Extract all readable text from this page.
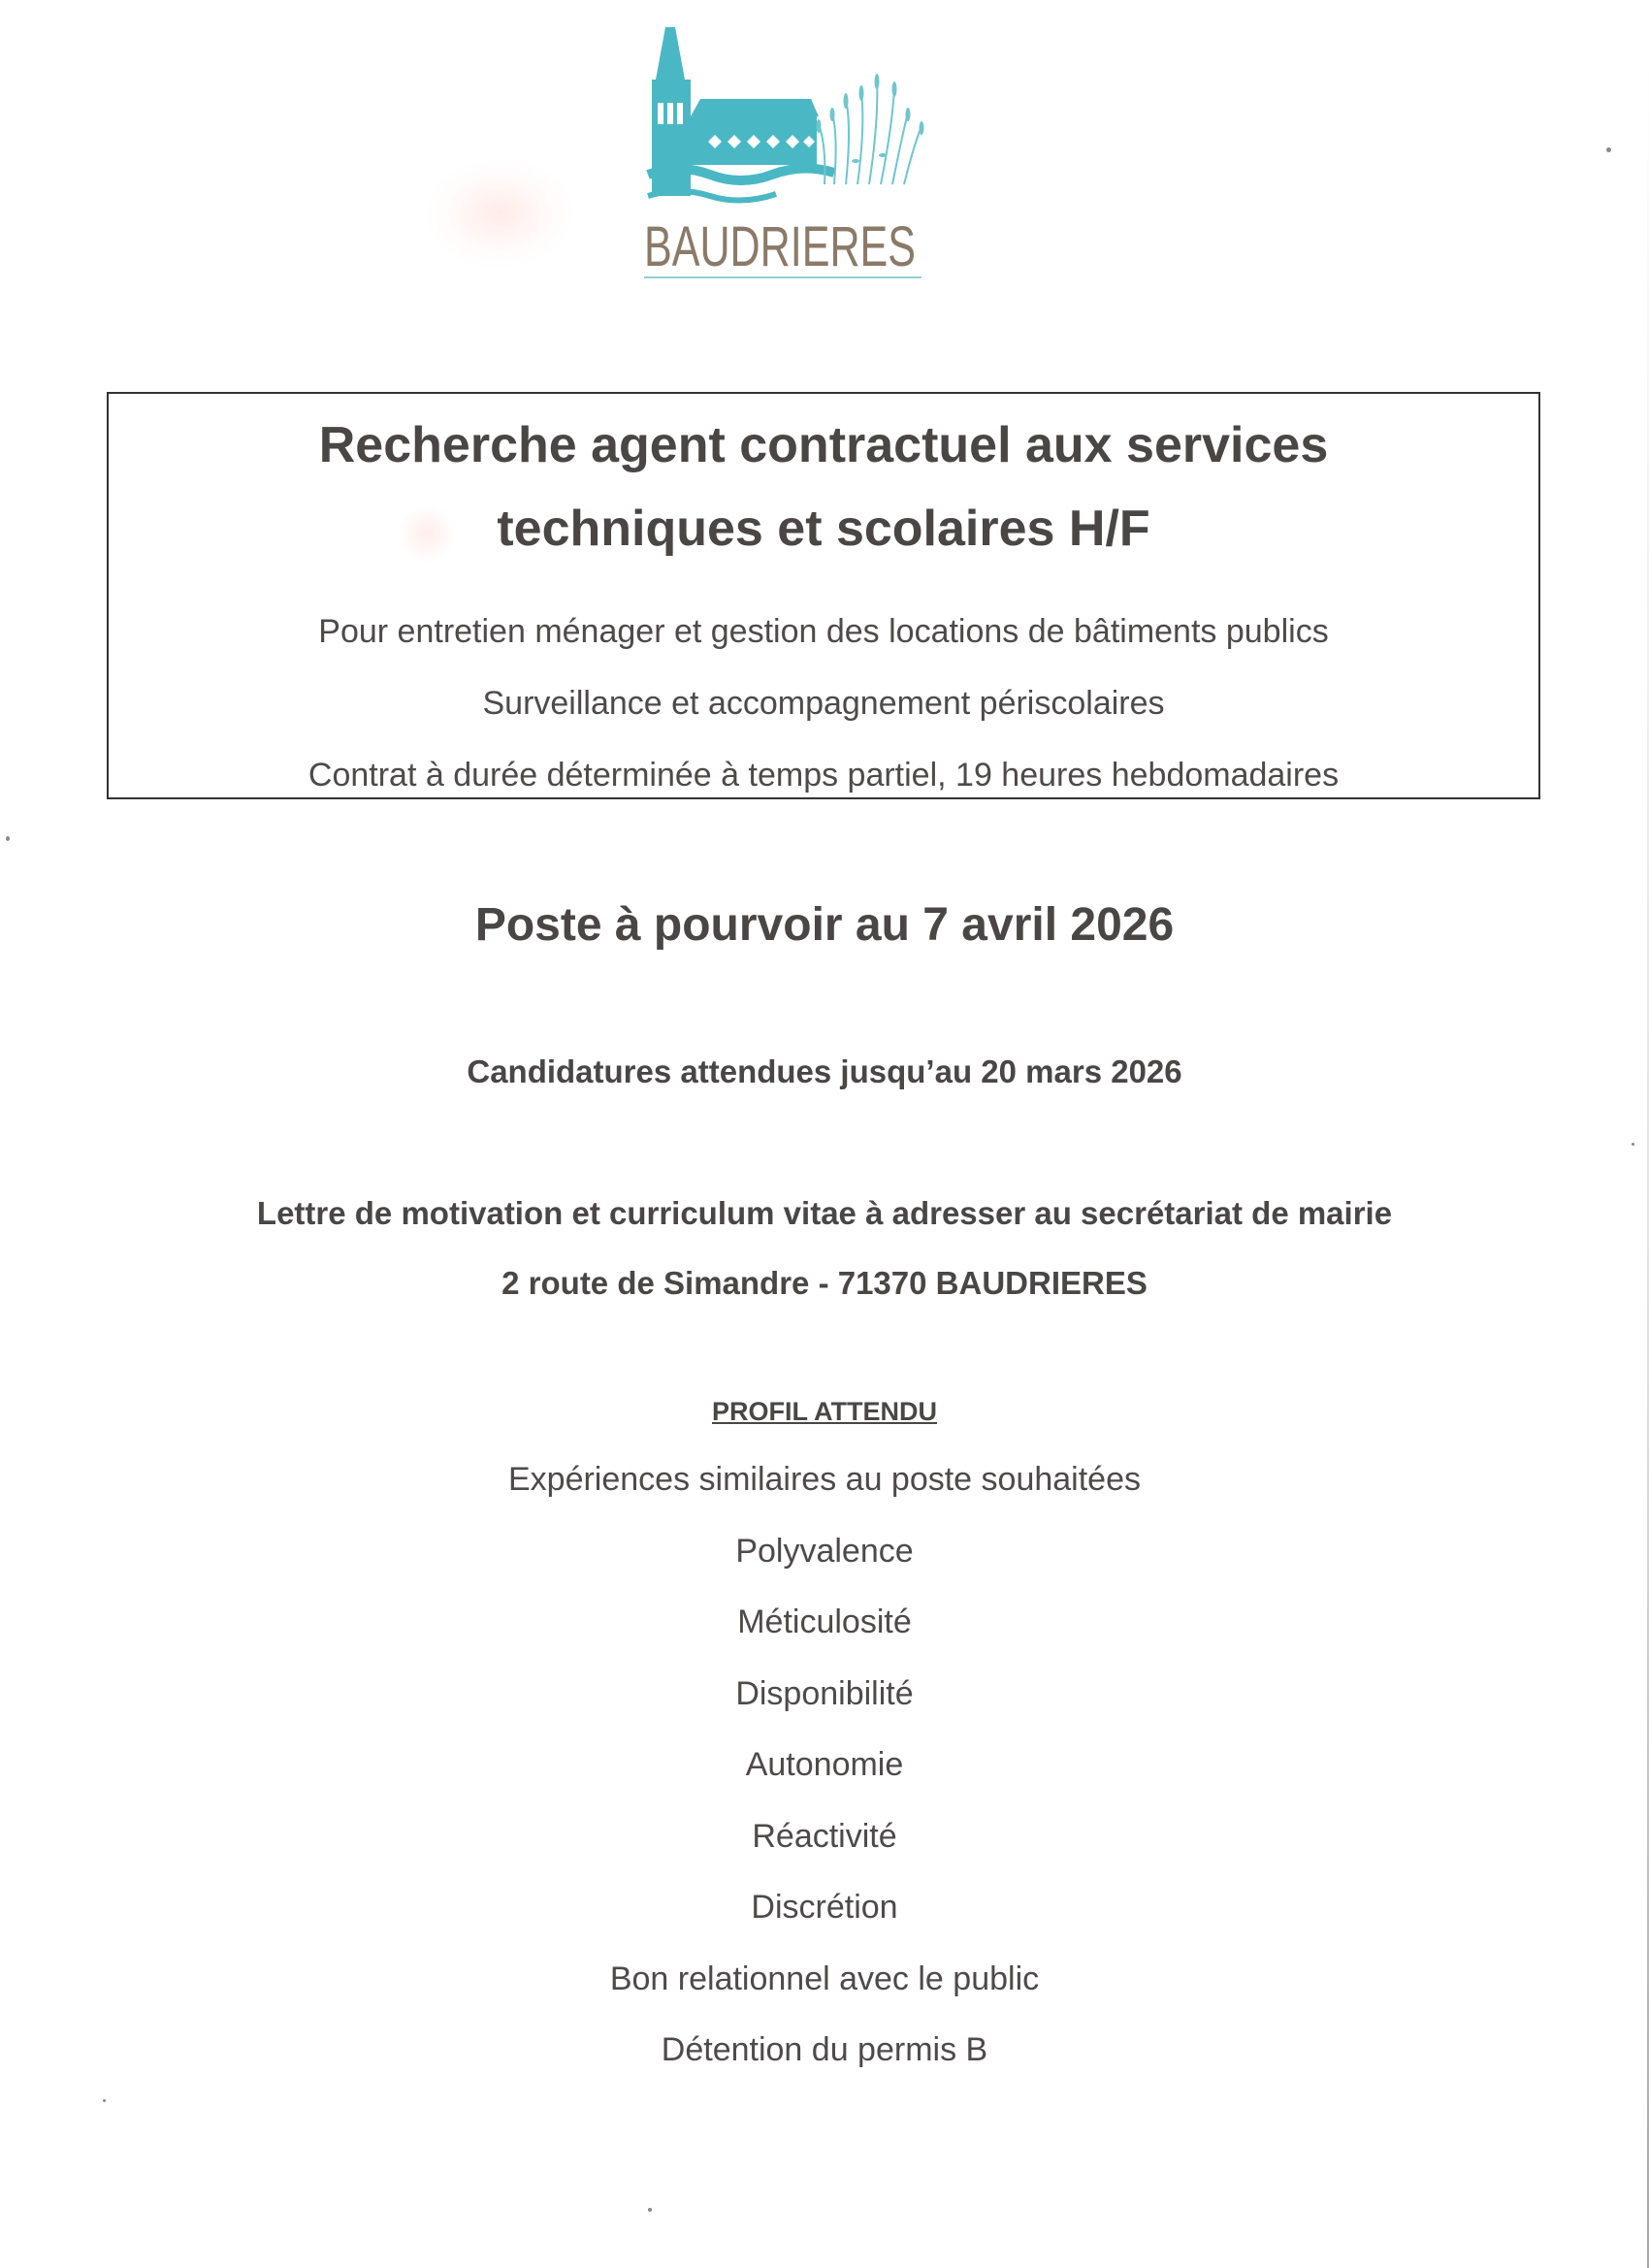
BAUDRIERES
Recherche agent contractuel aux services
techniques et scolaires H/F
Pour entretien ménager et gestion des locations de bâtiments publics
Surveillance et accompagnement périscolaires
Contrat à durée déterminée à temps partiel, 19 heures hebdomadaires
Poste à pourvoir au 7 avril 2026
Candidatures attendues jusqu’au 20 mars 2026
Lettre de motivation et curriculum vitae à adresser au secrétariat de mairie
2 route de Simandre - 71370 BAUDRIERES
PROFIL ATTENDU
Expériences similaires au poste souhaitées
Polyvalence
Méticulosité
Disponibilité
Autonomie
Réactivité
Discrétion
Bon relationnel avec le public
Détention du permis B
